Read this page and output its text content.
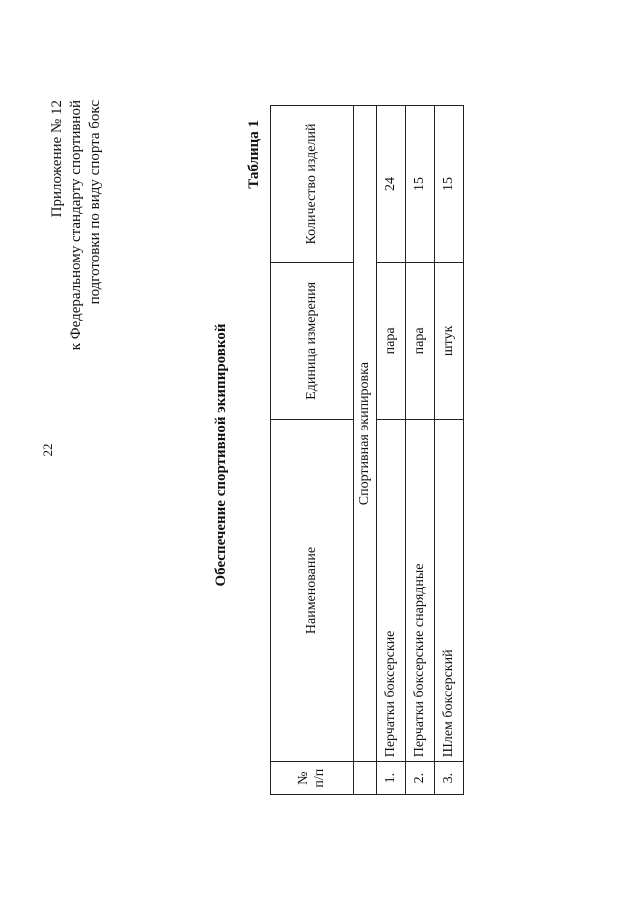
22
Приложение № 12 к Федеральному стандарту спортивной подготовки по виду спорта бокс
Обеспечение спортивной экипировкой
Таблица 1
№ п/п	Наименование	Единица измерения	Количество изделий
	Спортивная экипировка		
1.	Перчатки боксерские	пара	24
2.	Перчатки боксерские снарядные	пара	15
3.	Шлем боксерский	штук	15
